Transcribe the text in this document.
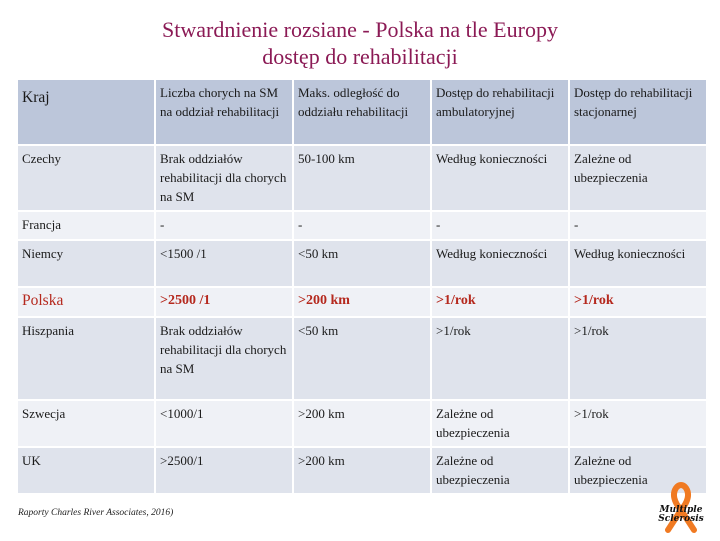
Stwardnienie rozsiane - Polska na tle Europy
dostęp do rehabilitacji
Kraj	Liczba chorych na SM na oddział rehabilitacji	Maks. odległość do oddziału rehabilitacji	Dostęp do rehabilitacji ambulatoryjnej	Dostęp do rehabilitacji stacjonarnej
Czechy	Brak oddziałów rehabilitacji dla chorych na SM	50-100 km	Według konieczności	Zależne od ubezpieczenia
Francja	-	-	-	-
Niemcy	<1500 /1	<50 km	Według konieczności	Według konieczności
Polska	>2500 /1	>200 km	>1/rok	>1/rok
Hiszpania	Brak oddziałów rehabilitacji dla chorych na SM	<50 km	>1/rok	>1/rok
Szwecja	<1000/1	>200 km	Zależne od ubezpieczenia	>1/rok
UK	>2500/1	>200 km	Zależne od ubezpieczenia	Zależne od ubezpieczenia
Raporty Charles River Associates, 2016)	Multiple
Sclerosis
